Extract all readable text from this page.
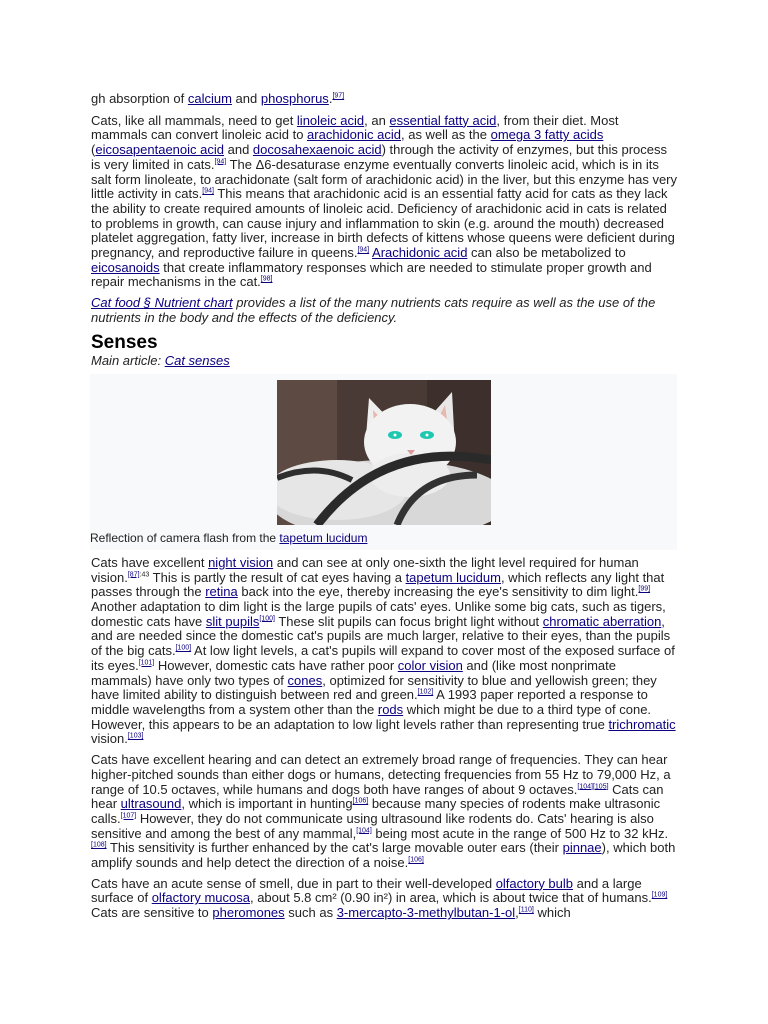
gh absorption of calcium and phosphorus.[97]

Cats, like all mammals, need to get linoleic acid, an essential fatty acid, from their diet. Most mammals can convert linoleic acid to arachidonic acid, as well as the omega 3 fatty acids (eicosapentaenoic acid and docosahexaenoic acid) through the activity of enzymes, but this process is very limited in cats.[94] The Δ6-desaturase enzyme eventually converts linoleic acid, which is in its salt form linoleate, to arachidonate (salt form of arachidonic acid) in the liver, but this enzyme has very little activity in cats.[94] This means that arachidonic acid is an essential fatty acid for cats as they lack the ability to create required amounts of linoleic acid. Deficiency of arachidonic acid in cats is related to problems in growth, can cause injury and inflammation to skin (e.g. around the mouth) decreased platelet aggregation, fatty liver, increase in birth defects of kittens whose queens were deficient during pregnancy, and reproductive failure in queens.[94] Arachidonic acid can also be metabolized to eicosanoids that create inflammatory responses which are needed to stimulate proper growth and repair mechanisms in the cat.[98]

Cat food § Nutrient chart provides a list of the many nutrients cats require as well as the use of the nutrients in the body and the effects of the deficiency.

Senses

Main article: Cat senses

Reflection of camera flash from the tapetum lucidum

Cats have excellent night vision and can see at only one-sixth the light level required for human vision.$^{[87]:43}$ This is partly the result of cat eyes having a tapetum lucidum, which reflects any light that passes through the retina back into the eye, thereby increasing the eye's sensitivity to dim light.[99] Another adaptation to dim light is the large pupils of cats' eyes. Unlike some big cats, such as tigers, domestic cats have slit pupils[100] These slit pupils can focus bright light without chromatic aberration, and are needed since the domestic cat's pupils are much larger, relative to their eyes, than the pupils of the big cats.[100] At low light levels, a cat's pupils will expand to cover most of the exposed surface of its eyes.[101] However, domestic cats have rather poor color vision and (like most nonprimate mammals) have only two types of cones, optimized for sensitivity to blue and yellowish green; they have limited ability to distinguish between red and green.[102] A 1993 paper reported a response to middle wavelengths from a system other than the rods which might be due to a third type of cone. However, this appears to be an adaptation to low light levels rather than representing true trichromatic vision.[103]

Cats have excellent hearing and can detect an extremely broad range of frequencies. They can hear higher-pitched sounds than either dogs or humans, detecting frequencies from 55 Hz to 79,000 Hz, a range of 10.5 octaves, while humans and dogs both have ranges of about 9 octaves.[104][105] Cats can hear ultrasound, which is important in hunting[106] because many species of rodents make ultrasonic calls.[107] However, they do not communicate using ultrasound like rodents do. Cats' hearing is also sensitive and among the best of any mammal,[104] being most acute in the range of 500 Hz to 32 kHz.[108] This sensitivity is further enhanced by the cat's large movable outer ears (their pinnae), which both amplify sounds and help detect the direction of a noise.[106]

Cats have an acute sense of smell, due in part to their well-developed olfactory bulb and a large surface of olfactory mucosa, about 5.8 cm² (0.90 in²) in area, which is about twice that of humans.[109] Cats are sensitive to pheromones such as 3-mercapto-3-methylbutan-1-ol,[110] which
